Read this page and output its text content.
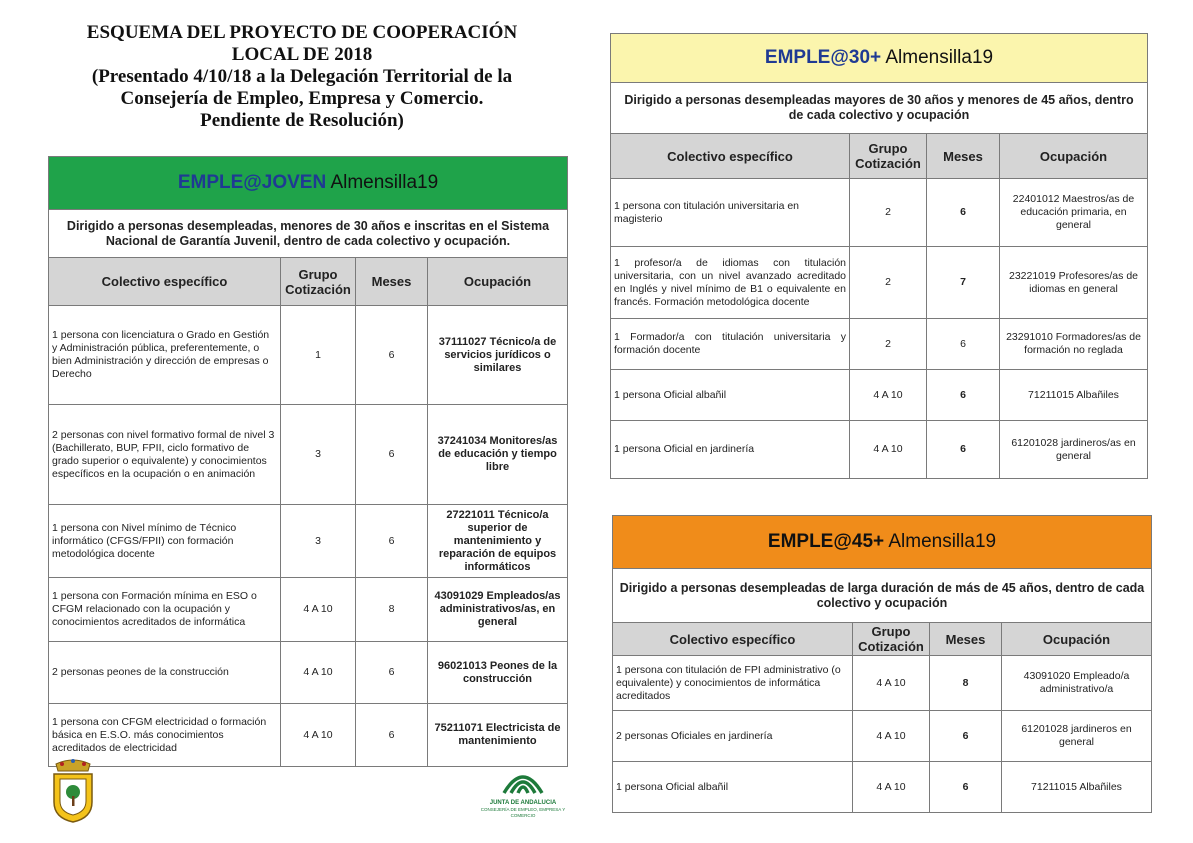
ESQUEMA DEL PROYECTO DE COOPERACIÓN
LOCAL DE 2018
(Presentado 4/10/18 a la Delegación Territorial de la
Consejería de Empleo, Empresa y Comercio.
Pendiente de Resolución)
EMPLE@JOVEN Almensilla19			
Dirigido a personas desempleadas, menores de 30 años e inscritas en el Sistema Nacional de Garantía Juvenil, dentro de cada colectivo y ocupación.			
Colectivo específico	Grupo Cotización	Meses	Ocupación
1 persona con licenciatura o Grado en Gestión y Administración pública, preferentemente, o bien Administración y dirección de empresas o Derecho	1	6	37111027 Técnico/a de servicios jurídicos o similares
2 personas con nivel formativo formal de nivel 3 (Bachillerato, BUP, FPII, ciclo formativo de grado superior o equivalente) y conocimientos específicos en la ocupación o en animación	3	6	37241034 Monitores/as de educación y tiempo libre
1 persona con Nivel mínimo de Técnico informático (CFGS/FPII) con formación metodológica docente	3	6	27221011 Técnico/a superior de mantenimiento y reparación de equipos informáticos
1 persona con Formación mínima en ESO o CFGM relacionado con la ocupación y conocimientos acreditados de informática	4 A 10	8	43091029 Empleados/as administrativos/as, en general
2 personas peones de la construcción	4 A 10	6	96021013 Peones de la construcción
1 persona con CFGM electricidad o formación básica en E.S.O. más conocimientos acreditados de electricidad	4 A 10	6	75211071 Electricista de mantenimiento
EMPLE@30+ Almensilla19			
Dirigido a personas desempleadas mayores de 30 años y menores de 45 años, dentro de cada colectivo y ocupación			
Colectivo específico	Grupo Cotización	Meses	Ocupación
1 persona con titulación universitaria en magisterio	2	6	22401012 Maestros/as de educación primaria, en general
1 profesor/a de idiomas con titulación universitaria, con un nivel avanzado acreditado en Inglés y nivel mínimo de B1 o equivalente en francés. Formación metodológica docente	2	7	23221019 Profesores/as de idiomas en general
1 Formador/a con titulación universitaria y formación docente	2	6	23291010 Formadores/as de formación no reglada
1 persona Oficial albañil	4 A 10	6	71211015 Albañiles
1 persona Oficial en jardinería	4 A 10	6	61201028 jardineros/as en general
EMPLE@45+ Almensilla19			
Dirigido a personas desempleadas de larga duración de más de 45 años, dentro de cada colectivo y ocupación			
Colectivo específico	Grupo Cotización	Meses	Ocupación
1 persona con titulación de FPI administrativo (o equivalente) y conocimientos de informática acreditados	4 A 10	8	43091020 Empleado/a administrativo/a
2 personas Oficiales en jardinería	4 A 10	6	61201028 jardineros en general
1 persona Oficial albañil	4 A 10	6	71211015 Albañiles
JUNTA DE ANDALUCIA
CONSEJERÍA DE EMPLEO, EMPRESA Y COMERCIO
